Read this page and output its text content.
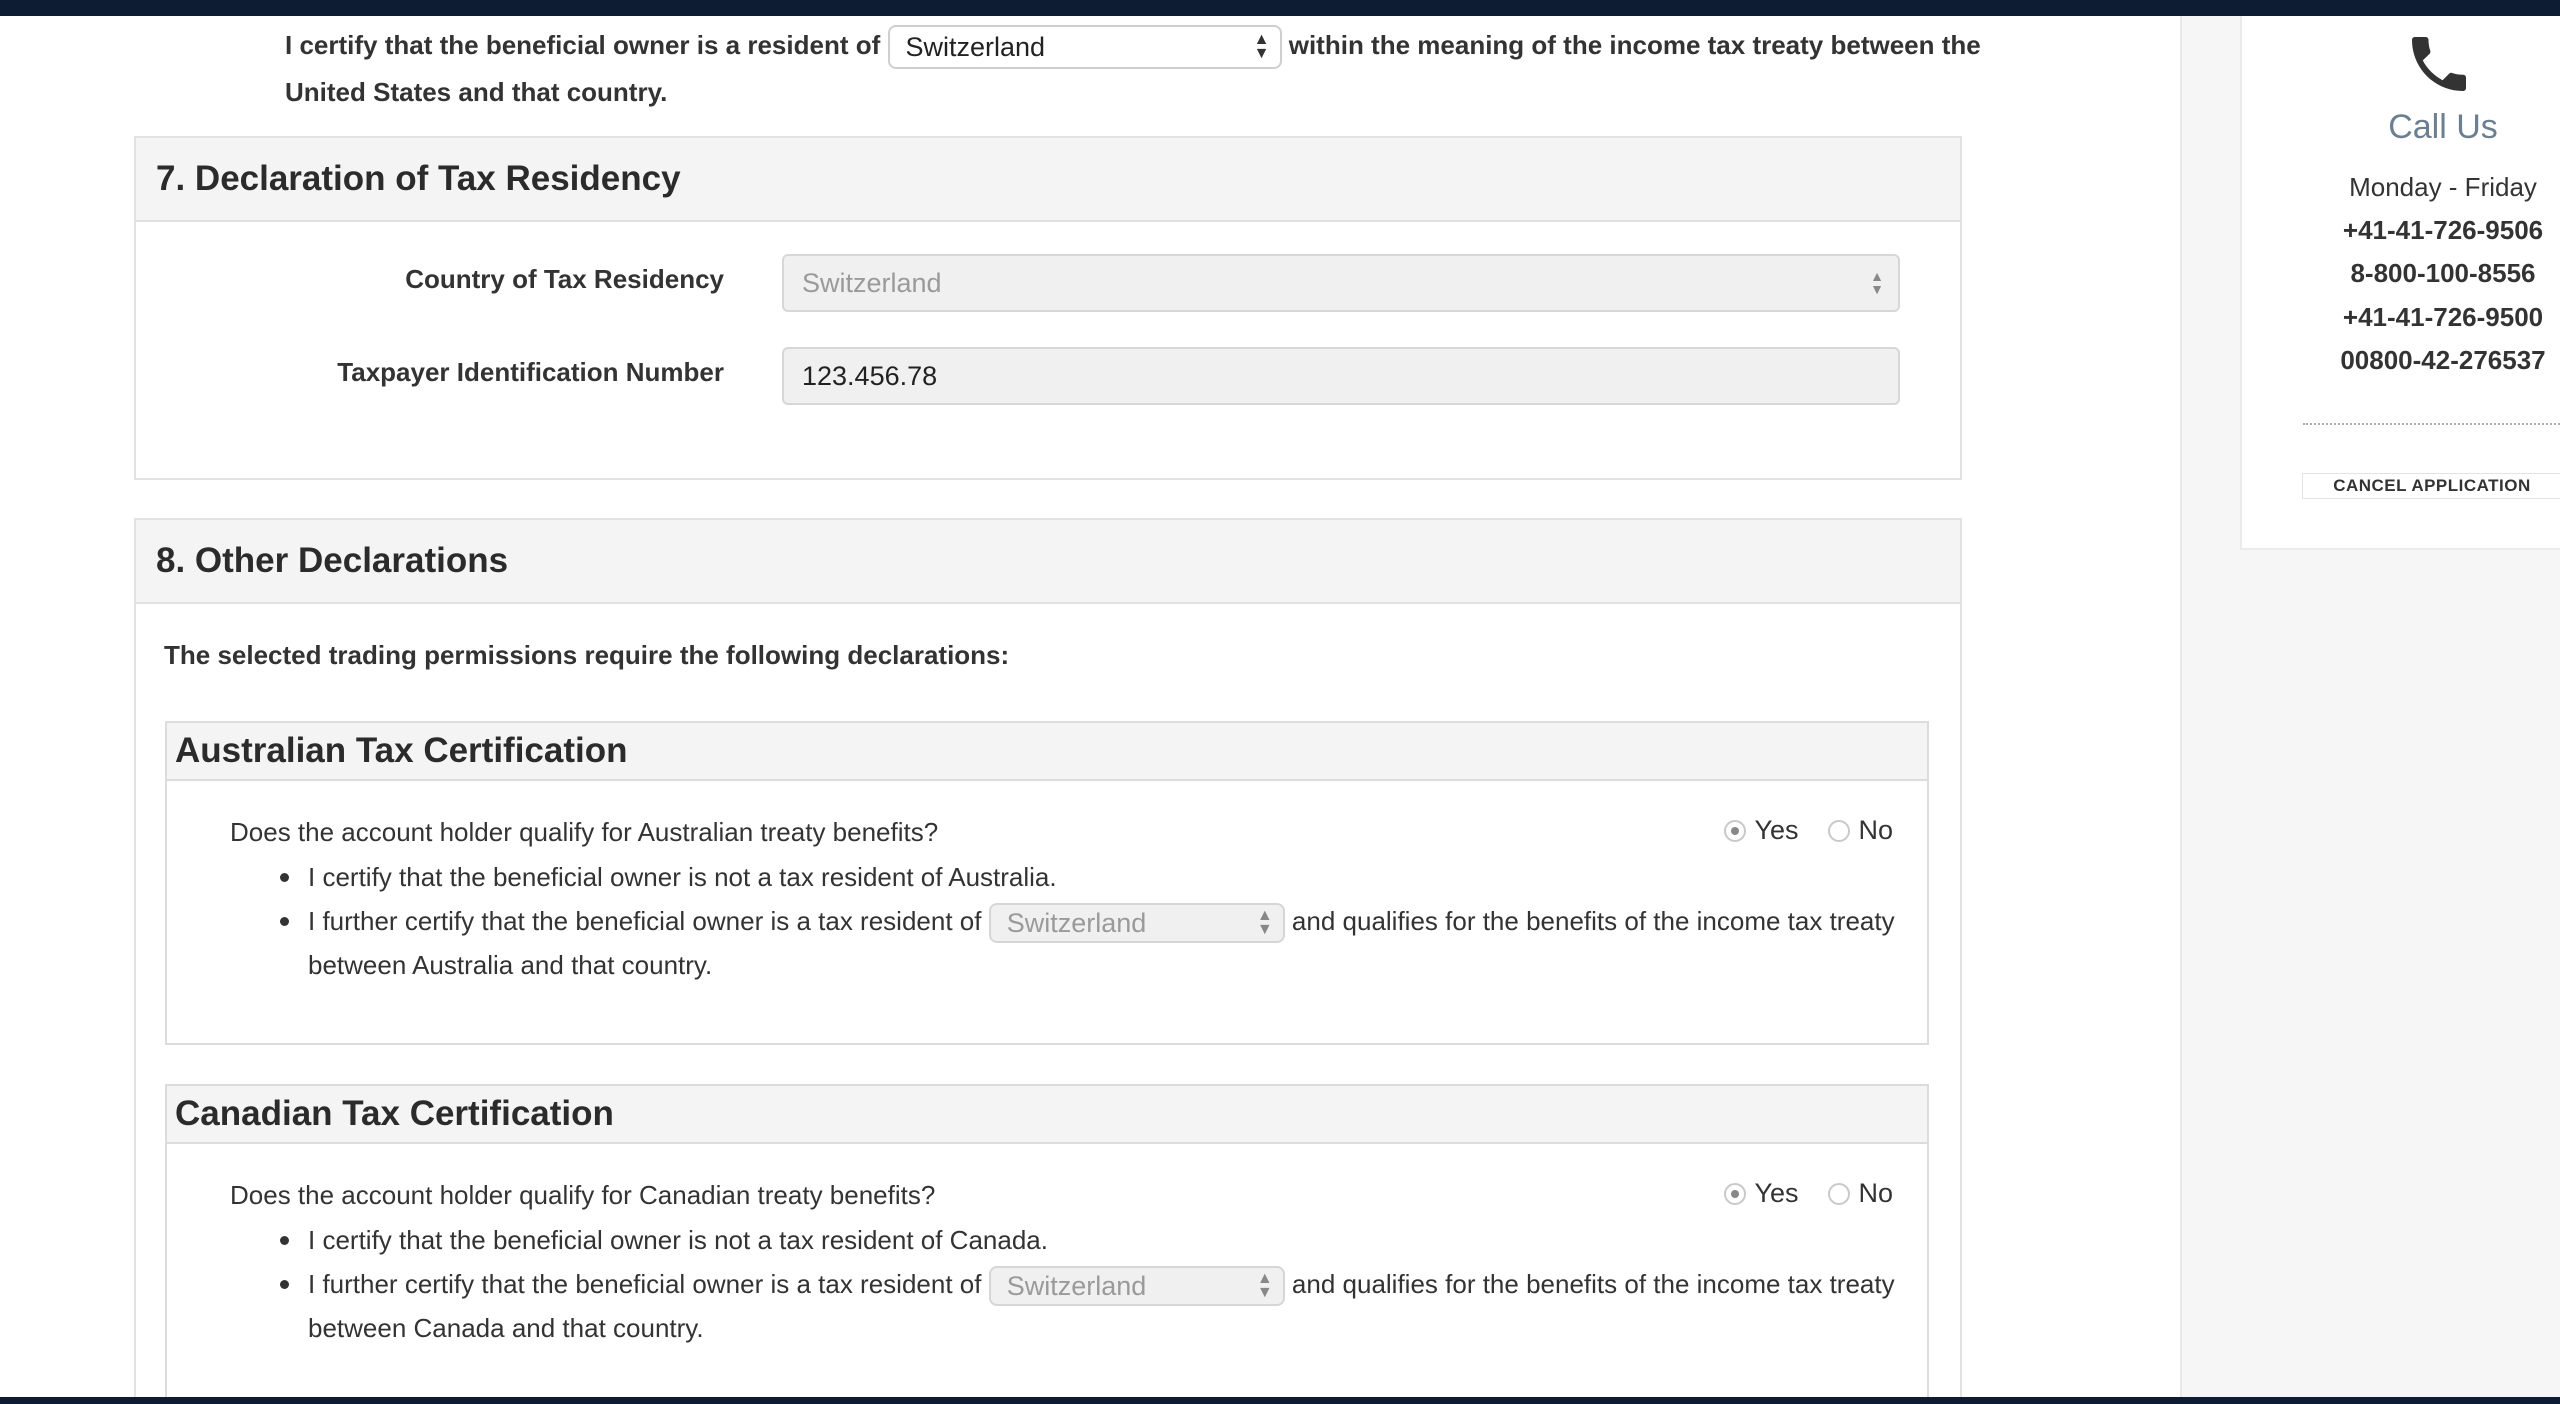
I certify that the beneficial owner is a resident of Switzerland	▲
▼ within the meaning of the income tax treaty between the United States and that country.
7. Declaration of Tax Residency
Country of Tax Residency	Switzerland	▲
▼
Taxpayer Identification Number	123.456.78
8. Other Declarations
The selected trading permissions require the following declarations:
Australian Tax Certification
Does the account holder qualify for Australian treaty benefits?	Yes No
I certify that the beneficial owner is not a tax resident of Australia.
I further certify that the beneficial owner is a tax resident of Switzerland	▲
▼ and qualifies for the benefits of the income tax treaty between Australia and that country.
Canadian Tax Certification
Does the account holder qualify for Canadian treaty benefits?	Yes No
I certify that the beneficial owner is not a tax resident of Canada.
I further certify that the beneficial owner is a tax resident of Switzerland	▲
▼ and qualifies for the benefits of the income tax treaty between Canada and that country.
Call Us
Monday - Friday
+41-41-726-9506
8-800-100-8556
+41-41-726-9500
00800-42-276537
CANCEL APPLICATION
